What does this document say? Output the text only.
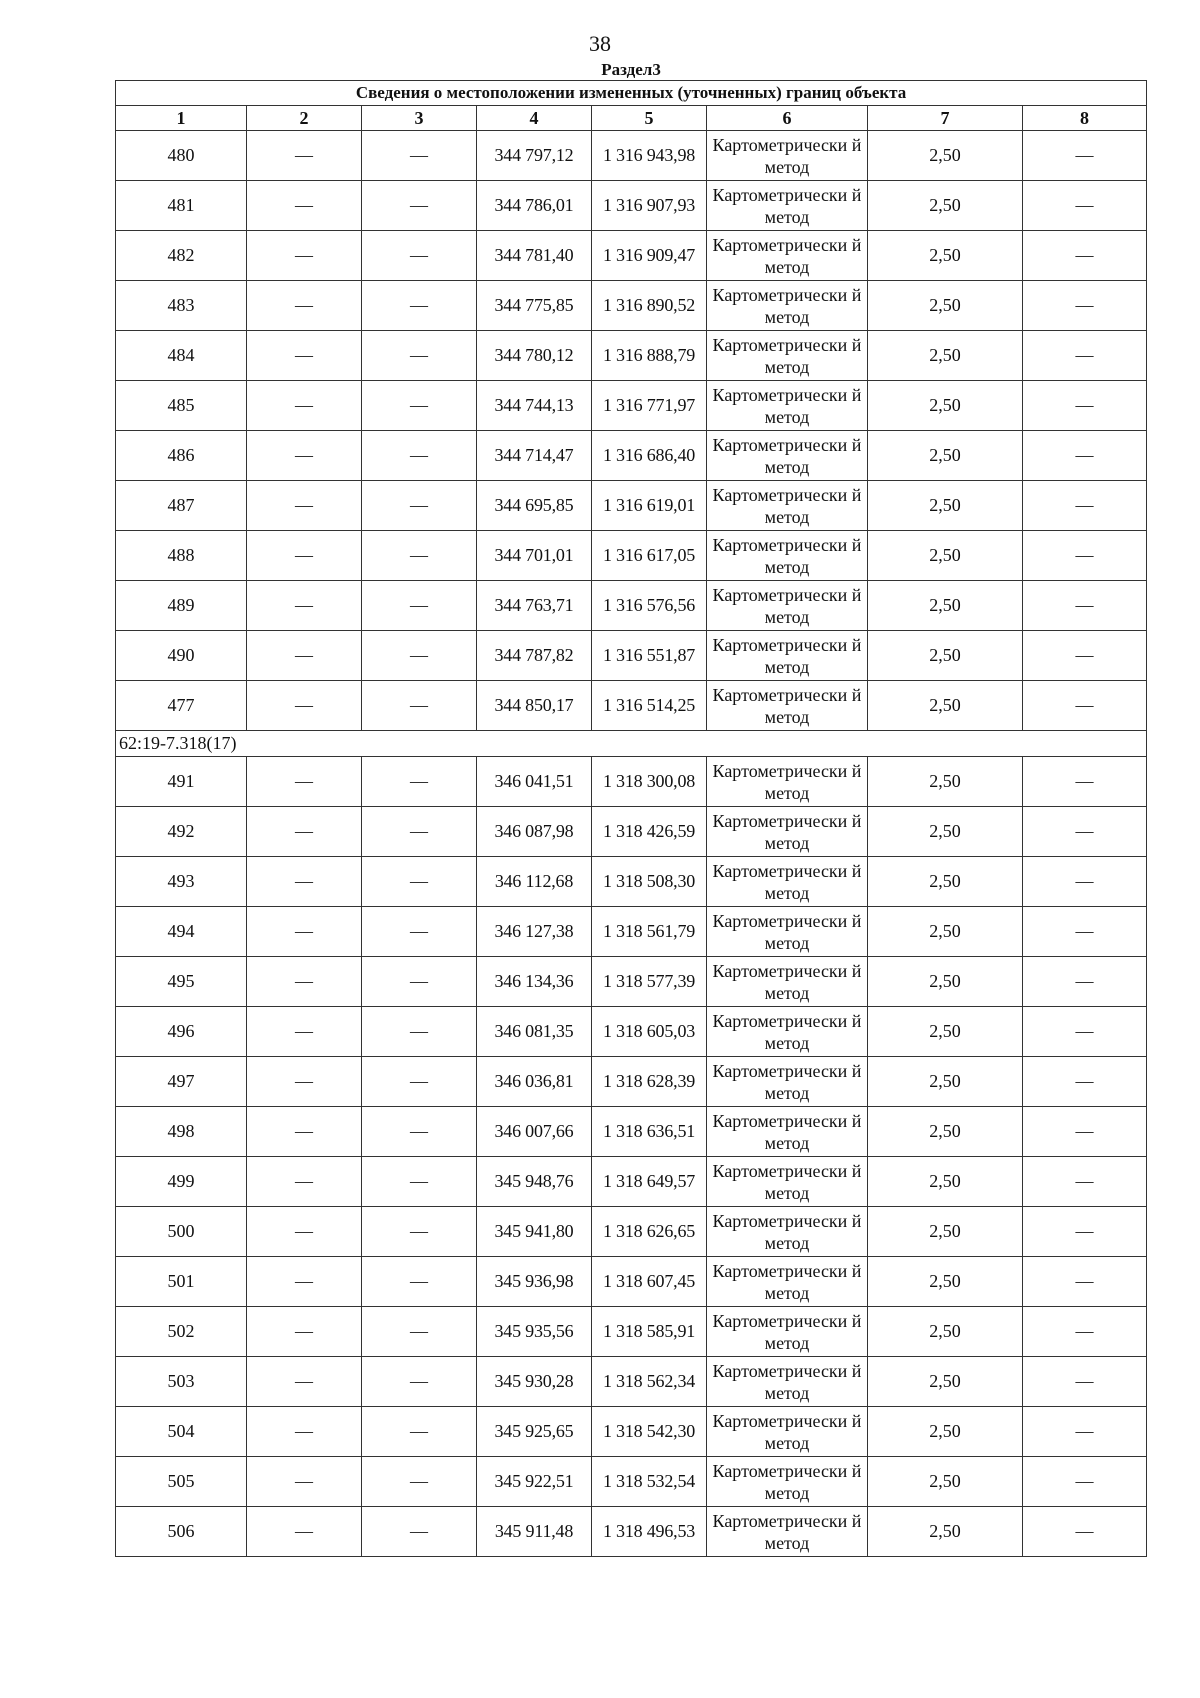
38
Раздел3							
Сведения о местоположении измененных (уточненных) границ объекта							
1	2	3	4	5	6	7	8
480	—	—	344 797,12	1 316 943,98	Картометрически й метод	2,50	—
481	—	—	344 786,01	1 316 907,93	Картометрически й метод	2,50	—
482	—	—	344 781,40	1 316 909,47	Картометрически й метод	2,50	—
483	—	—	344 775,85	1 316 890,52	Картометрически й метод	2,50	—
484	—	—	344 780,12	1 316 888,79	Картометрически й метод	2,50	—
485	—	—	344 744,13	1 316 771,97	Картометрически й метод	2,50	—
486	—	—	344 714,47	1 316 686,40	Картометрически й метод	2,50	—
487	—	—	344 695,85	1 316 619,01	Картометрически й метод	2,50	—
488	—	—	344 701,01	1 316 617,05	Картометрически й метод	2,50	—
489	—	—	344 763,71	1 316 576,56	Картометрически й метод	2,50	—
490	—	—	344 787,82	1 316 551,87	Картометрически й метод	2,50	—
477	—	—	344 850,17	1 316 514,25	Картометрически й метод	2,50	—
62:19-7.318(17)							
491	—	—	346 041,51	1 318 300,08	Картометрически й метод	2,50	—
492	—	—	346 087,98	1 318 426,59	Картометрически й метод	2,50	—
493	—	—	346 112,68	1 318 508,30	Картометрически й метод	2,50	—
494	—	—	346 127,38	1 318 561,79	Картометрически й метод	2,50	—
495	—	—	346 134,36	1 318 577,39	Картометрически й метод	2,50	—
496	—	—	346 081,35	1 318 605,03	Картометрически й метод	2,50	—
497	—	—	346 036,81	1 318 628,39	Картометрически й метод	2,50	—
498	—	—	346 007,66	1 318 636,51	Картометрически й метод	2,50	—
499	—	—	345 948,76	1 318 649,57	Картометрически й метод	2,50	—
500	—	—	345 941,80	1 318 626,65	Картометрически й метод	2,50	—
501	—	—	345 936,98	1 318 607,45	Картометрически й метод	2,50	—
502	—	—	345 935,56	1 318 585,91	Картометрически й метод	2,50	—
503	—	—	345 930,28	1 318 562,34	Картометрически й метод	2,50	—
504	—	—	345 925,65	1 318 542,30	Картометрически й метод	2,50	—
505	—	—	345 922,51	1 318 532,54	Картометрически й метод	2,50	—
506	—	—	345 911,48	1 318 496,53	Картометрически й метод	2,50	—
